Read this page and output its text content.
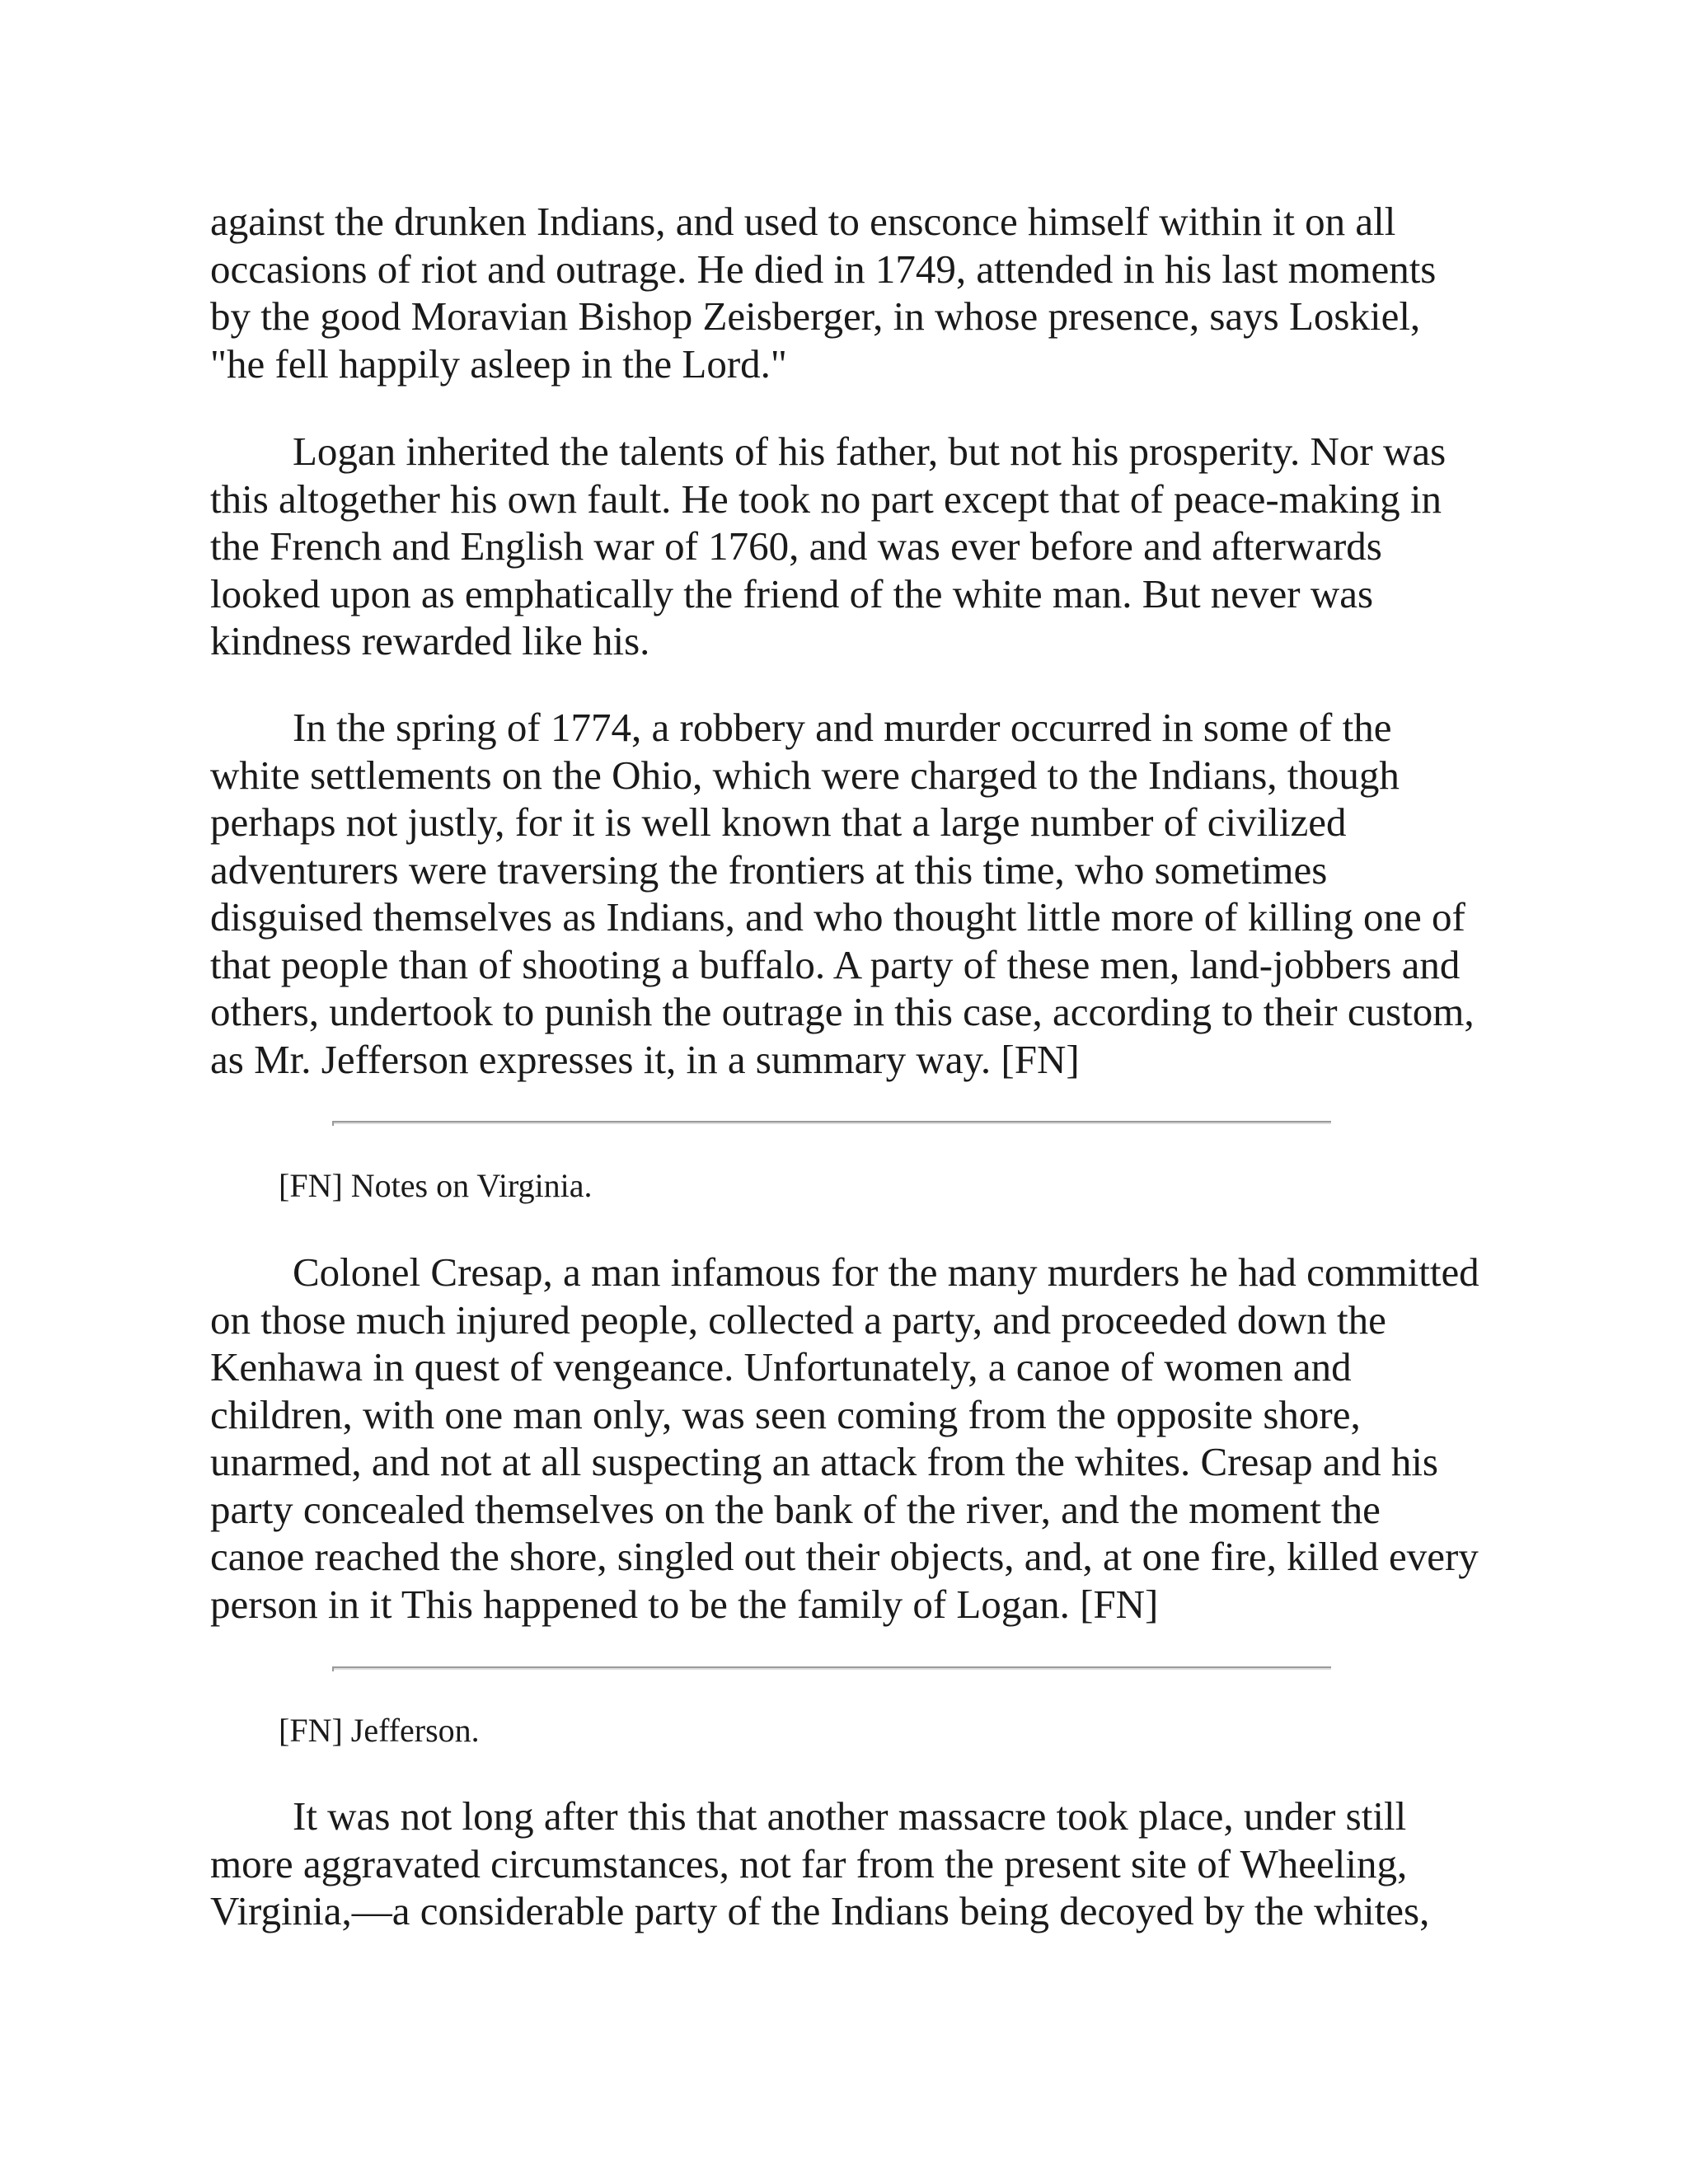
against the drunken Indians, and used to ensconce himself within it on all occasions of riot and outrage. He died in 1749, attended in his last moments by the good Moravian Bishop Zeisberger, in whose presence, says Loskiel, "he fell happily asleep in the Lord."

Logan inherited the talents of his father, but not his prosperity. Nor was this altogether his own fault. He took no part except that of peace-making in the French and English war of 1760, and was ever before and afterwards looked upon as emphatically the friend of the white man. But never was kindness rewarded like his.

In the spring of 1774, a robbery and murder occurred in some of the white settlements on the Ohio, which were charged to the Indians, though perhaps not justly, for it is well known that a large number of civilized adventurers were traversing the frontiers at this time, who sometimes disguised themselves as Indians, and who thought little more of killing one of that people than of shooting a buffalo. A party of these men, land-jobbers and others, undertook to punish the outrage in this case, according to their custom, as Mr. Jefferson expresses it, in a summary way. [FN]

[FN] Notes on Virginia.

Colonel Cresap, a man infamous for the many murders he had committed on those much injured people, collected a party, and proceeded down the Kenhawa in quest of vengeance. Unfortunately, a canoe of women and children, with one man only, was seen coming from the opposite shore, unarmed, and not at all suspecting an attack from the whites. Cresap and his party concealed themselves on the bank of the river, and the moment the canoe reached the shore, singled out their objects, and, at one fire, killed every person in it This happened to be the family of Logan. [FN]

[FN] Jefferson.

It was not long after this that another massacre took place, under still more aggravated circumstances, not far from the present site of Wheeling, Virginia,—a considerable party of the Indians being decoyed by the whites,
